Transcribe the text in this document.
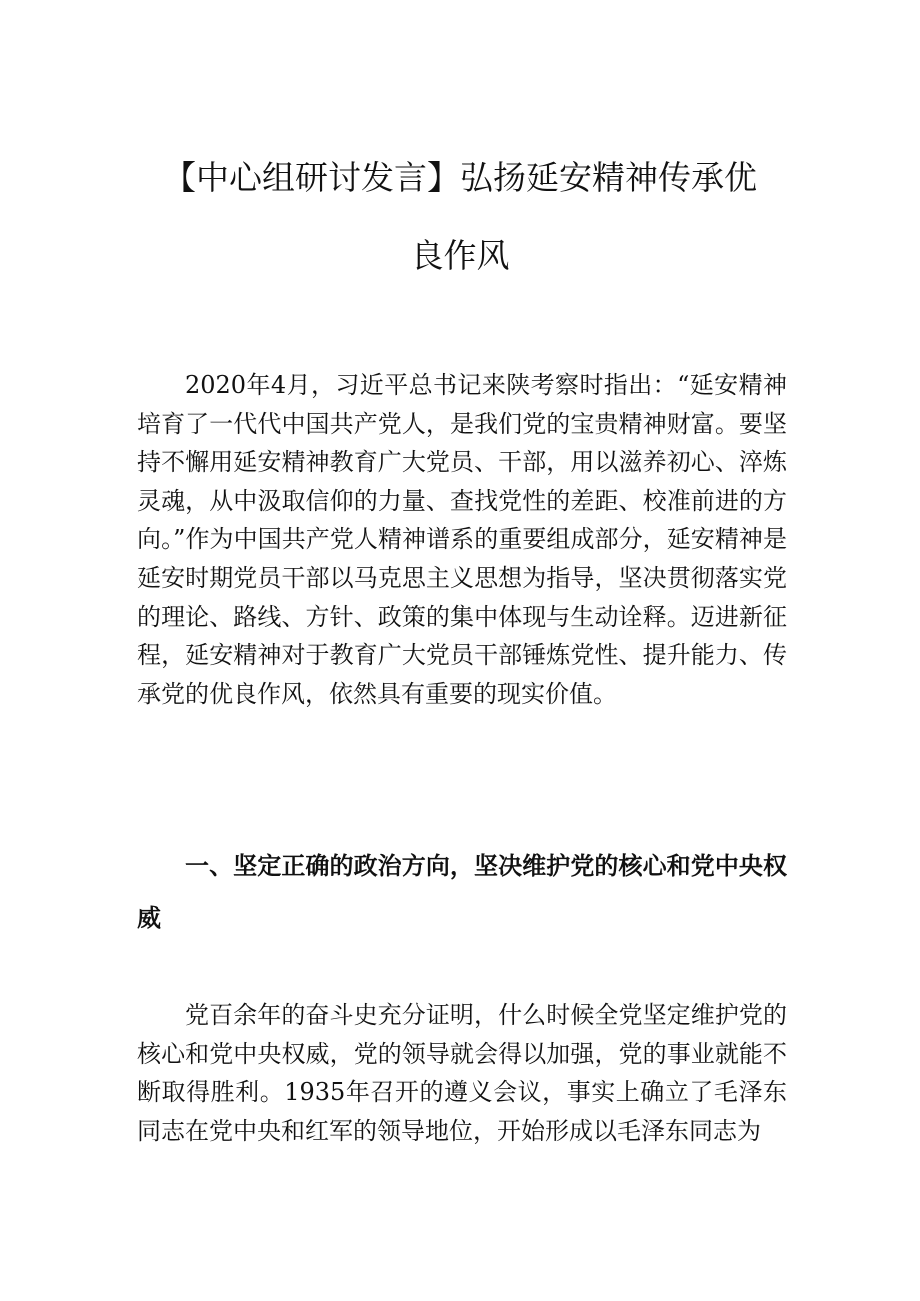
【中心组研讨发言】弘扬延安精神传承优
良作风

2020年4月，习近平总书记来陕考察时指出：“延安精神培育了一代代中国共产党人，是我们党的宝贵精神财富。要坚持不懈用延安精神教育广大党员、干部，用以滋养初心、淬炼灵魂，从中汲取信仰的力量、查找党性的差距、校准前进的方向。”作为中国共产党人精神谱系的重要组成部分，延安精神是延安时期党员干部以马克思主义思想为指导，坚决贯彻落实党的理论、路线、方针、政策的集中体现与生动诠释。迈进新征程，延安精神对于教育广大党员干部锤炼党性、提升能力、传承党的优良作风，依然具有重要的现实价值。

一、坚定正确的政治方向，坚决维护党的核心和党中央权威

党百余年的奋斗史充分证明，什么时候全党坚定维护党的核心和党中央权威，党的领导就会得以加强，党的事业就能不断取得胜利。1935年召开的遵义会议，事实上确立了毛泽东同志在党中央和红军的领导地位，开始形成以毛泽东同志为
